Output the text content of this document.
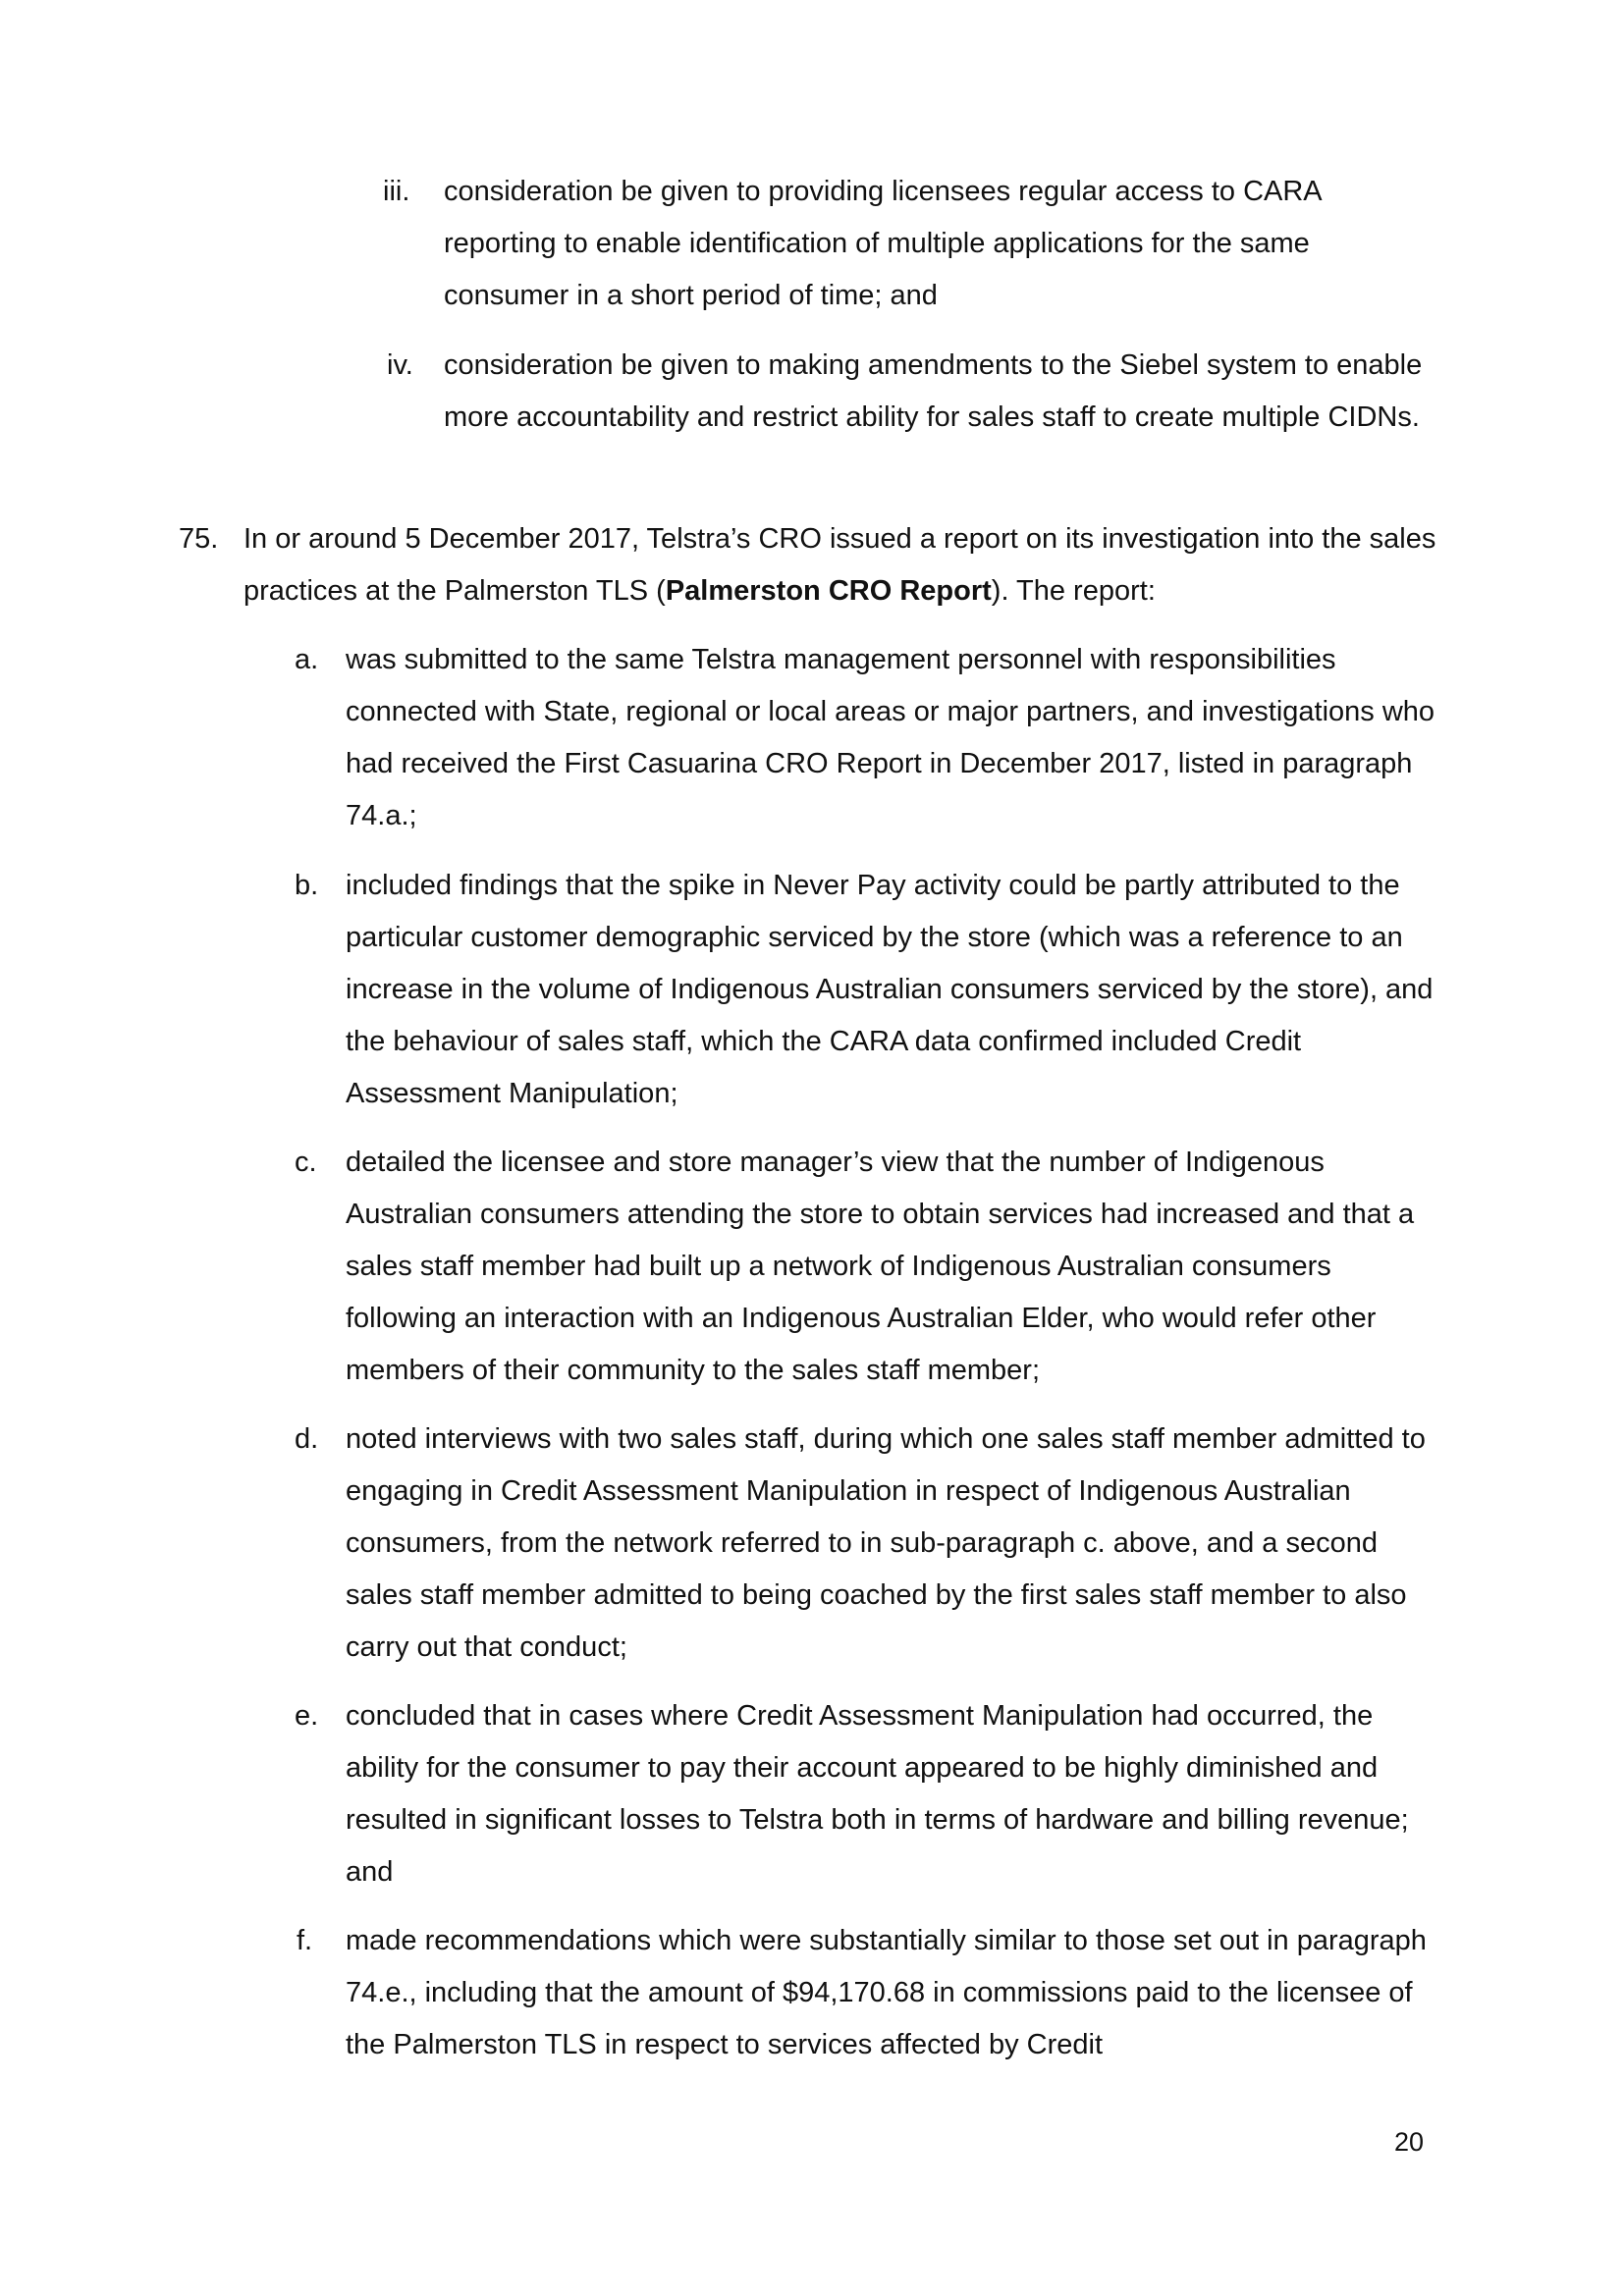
iii. consideration be given to providing licensees regular access to CARA reporting to enable identification of multiple applications for the same consumer in a short period of time; and

iv. consideration be given to making amendments to the Siebel system to enable more accountability and restrict ability for sales staff to create multiple CIDNs.

75. In or around 5 December 2017, Telstra’s CRO issued a report on its investigation into the sales practices at the Palmerston TLS (Palmerston CRO Report). The report:

a. was submitted to the same Telstra management personnel with responsibilities connected with State, regional or local areas or major partners, and investigations who had received the First Casuarina CRO Report in December 2017, listed in paragraph 74.a.;

b. included findings that the spike in Never Pay activity could be partly attributed to the particular customer demographic serviced by the store (which was a reference to an increase in the volume of Indigenous Australian consumers serviced by the store), and the behaviour of sales staff, which the CARA data confirmed included Credit Assessment Manipulation;

c. detailed the licensee and store manager’s view that the number of Indigenous Australian consumers attending the store to obtain services had increased and that a sales staff member had built up a network of Indigenous Australian consumers following an interaction with an Indigenous Australian Elder, who would refer other members of their community to the sales staff member;

d. noted interviews with two sales staff, during which one sales staff member admitted to engaging in Credit Assessment Manipulation in respect of Indigenous Australian consumers, from the network referred to in sub-paragraph c. above, and a second sales staff member admitted to being coached by the first sales staff member to also carry out that conduct;

e. concluded that in cases where Credit Assessment Manipulation had occurred, the ability for the consumer to pay their account appeared to be highly diminished and resulted in significant losses to Telstra both in terms of hardware and billing revenue; and

f. made recommendations which were substantially similar to those set out in paragraph 74.e., including that the amount of $94,170.68 in commissions paid to the licensee of the Palmerston TLS in respect to services affected by Credit

20
